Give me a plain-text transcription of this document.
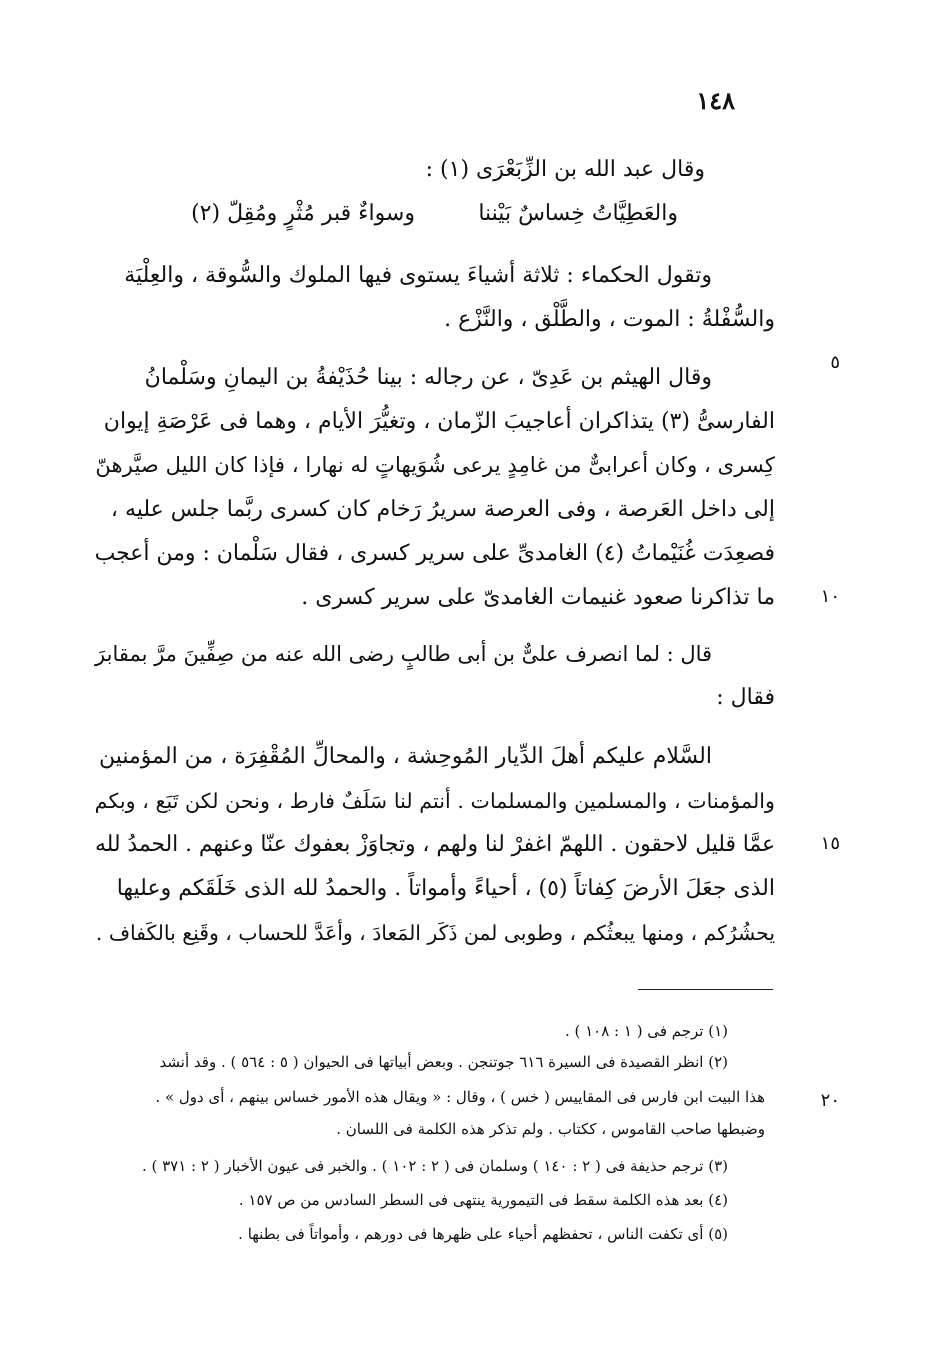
١٤٨
وقال عبد الله بن الزِّبَعْرَى (١) :
والعَطِيَّاتُ خِساسٌ بَيْننا
وسواءٌ قبر مُثْرٍ ومُقِلّ (٢)
وتقول الحكماء : ثلاثة أشياءَ يستوى فيها الملوك والسُّوقة ، والعِلْيَة
والسُّفْلةُ : الموت ، والطَّلْق ، والنَّزْع .
وقال الهيثم بن عَدِىّ ، عن رجاله : بينا حُذَيْفةُ بن اليمانِ وسَلْمانُ
الفارسىُّ (٣) يتذاكران أعاجيبَ الزّمان ، وتغيُّرَ الأيام ، وهما فى عَرْصَةِ إيوان
كِسرى ، وكان أعرابىٌّ من غامِدٍ يرعى شُوَيهاتٍ له نهارا ، فإذا كان الليل صيَّرهنّ
إلى داخل العَرصة ، وفى العرصة سريرُ رَخام كان كسرى ربَّما جلس عليه ،
فصعِدَت غُنَيْماتُ (٤) الغامدىِّ على سرير كسرى ، فقال سَلْمان : ومن أعجب
ما تذاكرنا صعود غنيمات الغامدىّ على سرير كسرى .
قال : لما انصرف علىٌّ بن أبى طالبٍ رضى الله عنه من صِفِّينَ مرَّ بمقابرَ
فقال :
السَّلام عليكم أهلَ الدِّيار المُوحِشة ، والمحالِّ المُقْفِرَة ، من المؤمنين
والمؤمنات ، والمسلمين والمسلمات . أنتم لنا سَلَفٌ فارط ، ونحن لكن تَبَع ، وبكم
عمَّا قليل لاحقون . اللهمّ اغفرْ لنا ولهم ، وتجاوَزْ بعفوك عنّا وعنهم . الحمدُ لله
الذى جعَلَ الأرضَ كِفاتاً (٥) ، أحياءً وأمواتاً . والحمدُ لله الذى خَلَقَكم وعليها
يحشُرُكم ، ومنها يبعثُكم ، وطوبى لمن ذَكَر المَعادَ ، وأعَدَّ للحساب ، وقَنِع بالكَفاف .
٥
١٠
١٥
٢٠
(١) ترجم فى ( ١ : ١٠٨ ) .
(٢) انظر القصيدة فى السيرة ٦١٦ جوتنجن . وبعض أبياتها فى الحيوان ( ٥ : ٥٦٤ ) . وقد أنشد
هذا البيت ابن فارس فى المقاييس ( خس ) ، وقال : « ويقال هذه الأمور خساس بينهم ، أى دول » .
وضبطها صاحب القاموس ، ككتاب . ولم تذكر هذه الكلمة فى اللسان .
(٣) ترجم حذيفة فى ( ٢ : ١٤٠ ) وسلمان فى ( ٢ : ١٠٢ ) . والخبر فى عيون الأخبار ( ٢ : ٣٧١ ) .
(٤) بعد هذه الكلمة سقط فى التيمورية ينتهى فى السطر السادس من ص ١٥٧ .
(٥) أى تكفت الناس ، تحفظهم أحياء على ظهرها فى دورهم ، وأمواتاً فى بطنها .
